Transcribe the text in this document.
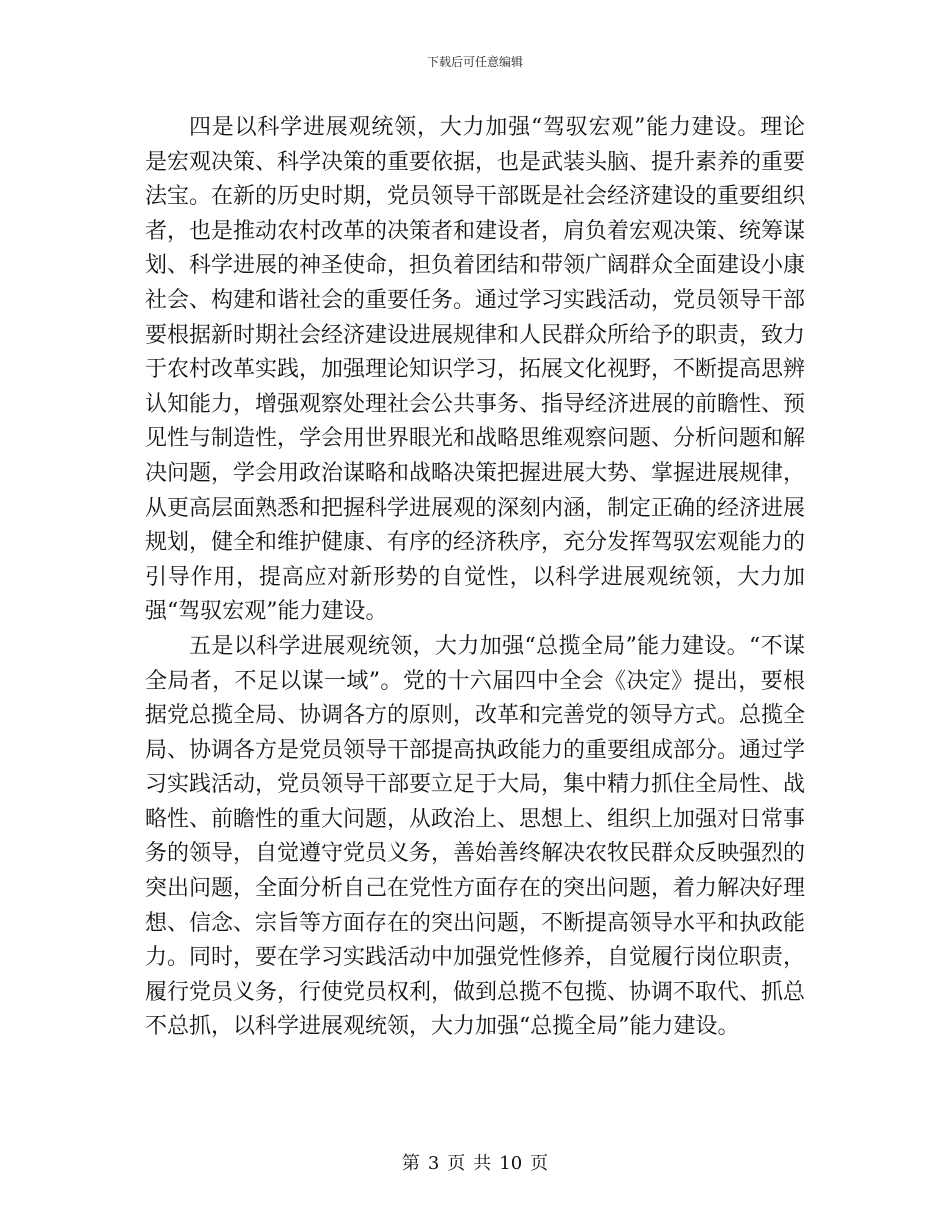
下载后可任意编辑

四是以科学进展观统领，大力加强“驾驭宏观”能力建设。理论是宏观决策、科学决策的重要依据，也是武装头脑、提升素养的重要法宝。在新的历史时期，党员领导干部既是社会经济建设的重要组织者，也是推动农村改革的决策者和建设者，肩负着宏观决策、统筹谋划、科学进展的神圣使命，担负着团结和带领广阔群众全面建设小康社会、构建和谐社会的重要任务。通过学习实践活动，党员领导干部要根据新时期社会经济建设进展规律和人民群众所给予的职责，致力于农村改革实践，加强理论知识学习，拓展文化视野，不断提高思辨认知能力，增强观察处理社会公共事务、指导经济进展的前瞻性、预见性与制造性，学会用世界眼光和战略思维观察问题、分析问题和解决问题，学会用政治谋略和战略决策把握进展大势、掌握进展规律，从更高层面熟悉和把握科学进展观的深刻内涵，制定正确的经济进展规划，健全和维护健康、有序的经济秩序，充分发挥驾驭宏观能力的引导作用，提高应对新形势的自觉性，以科学进展观统领，大力加强“驾驭宏观”能力建设。

五是以科学进展观统领，大力加强“总揽全局”能力建设。“不谋全局者，不足以谋一域”。党的十六届四中全会《决定》提出，要根据党总揽全局、协调各方的原则，改革和完善党的领导方式。总揽全局、协调各方是党员领导干部提高执政能力的重要组成部分。通过学习实践活动，党员领导干部要立足于大局，集中精力抓住全局性、战略性、前瞻性的重大问题，从政治上、思想上、组织上加强对日常事务的领导，自觉遵守党员义务，善始善终解决农牧民群众反映强烈的突出问题，全面分析自己在党性方面存在的突出问题，着力解决好理想、信念、宗旨等方面存在的突出问题，不断提高领导水平和执政能力。同时，要在学习实践活动中加强党性修养，自觉履行岗位职责，履行党员义务，行使党员权利，做到总揽不包揽、协调不取代、抓总不总抓，以科学进展观统领，大力加强“总揽全局”能力建设。

第 3 页 共 10 页
